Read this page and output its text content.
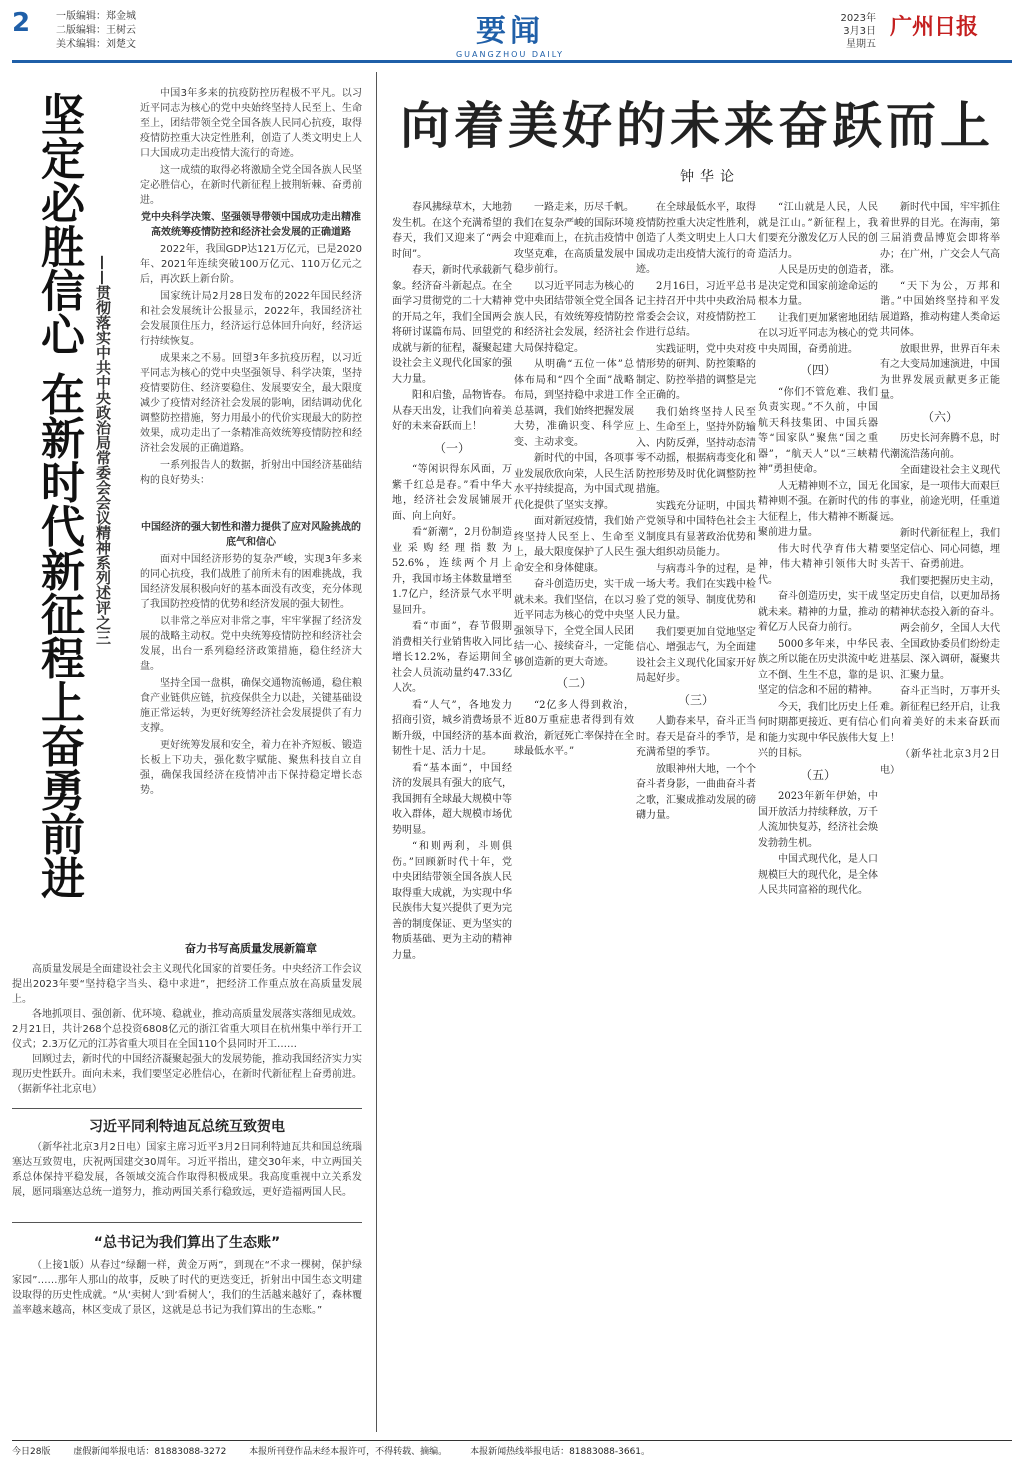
2	一版编辑：郑金城
二版编辑：王树云
美术编辑：刘楚文	要闻
GUANGZHOU DAILY
2023年
3月3日
星期五
广州日报
坚定必胜信心 在新时代新征程上奋勇前进 ——贯彻落实中共中央政治局常委会会议精神系列述评之三

中国3年多来的抗疫防控历程极不平凡。以习近平同志为核心的党中央始终坚持人民至上、生命至上，团结带领全党全国各族人民同心抗疫，取得疫情防控重大决定性胜利，创造了人类文明史上人口大国成功走出疫情大流行的奇迹。

这一成绩的取得必将激励全党全国各族人民坚定必胜信心，在新时代新征程上披荆斩棘、奋勇前进。

党中央科学决策、坚强领导带领中国成功走出精准高效统筹疫情防控和经济社会发展的正确道路

2022年，我国GDP达121万亿元，已是2020年、2021年连续突破100万亿元、110万亿元之后，再次跃上新台阶。

国家统计局2月28日发布的2022年国民经济和社会发展统计公报显示，2022年，我国经济社会发展顶住压力，经济运行总体回升向好，经济运行持续恢复。

成果来之不易。回望3年多抗疫历程，以习近平同志为核心的党中央坚强领导、科学决策，坚持疫情要防住、经济要稳住、发展要安全，最大限度减少了疫情对经济社会发展的影响，团结调动优化调整防控措施，努力用最小的代价实现最大的防控效果，成功走出了一条精准高效统筹疫情防控和经济社会发展的正确道路。

一系列报告人的数据，折射出中国经济基础结构的良好势头：

中国经济的强大韧性和潜力提供了应对风险挑战的底气和信心

面对中国经济形势的复杂严峻，实现3年多来的同心抗疫，我们战胜了前所未有的困难挑战，我国经济发展积极向好的基本面没有改变，充分体现了我国防控疫情的优势和经济发展的强大韧性。

以非常之举应对非常之事，牢牢掌握了经济发展的战略主动权。党中央统筹疫情防控和经济社会发展，出台一系列稳经济政策措施，稳住经济大盘。

坚持全国一盘棋，确保交通物流畅通，稳住粮食产业链供应链，抗疫保供全力以赴，关键基础设施正常运转，为更好统筹经济社会发展提供了有力支撑。

更好统筹发展和安全，着力在补齐短板、锻造长板上下功夫，强化数字赋能、聚焦科技自立自强，确保我国经济在疫情冲击下保持稳定增长态势。

奋力书写高质量发展新篇章

高质量发展是全面建设社会主义现代化国家的首要任务。中央经济工作会议提出2023年要“坚持稳字当头、稳中求进”，把经济工作重点放在高质量发展上。

各地抓项目、强创新、优环境、稳就业，推动高质量发展落实落细见成效。2月21日，共计268个总投资6808亿元的浙江省重大项目在杭州集中举行开工仪式；2.3万亿元的江苏省重大项目在全国110个县同时开工……

回顾过去，新时代的中国经济凝聚起强大的发展势能，推动我国经济实力实现历史性跃升。面向未来，我们要坚定必胜信心，在新时代新征程上奋勇前进。（据新华社北京电）

习近平同利特迪瓦总统互致贺电

（新华社北京3月2日电）国家主席习近平3月2日同利特迪瓦共和国总统瑙塞达互致贺电，庆祝两国建交30周年。习近平指出，建交30年来，中立两国关系总体保持平稳发展，各领域交流合作取得积极成果。我高度重视中立关系发展，愿同瑙塞达总统一道努力，推动两国关系行稳致远，更好造福两国人民。

“总书记为我们算出了生态账”

（上接1版）从春过“绿翻一样，黄金万两”，到现在“不求一棵树，保护绿家园”……那年人那山的故事，反映了时代的更迭变迁，折射出中国生态文明建设取得的历史性成就。“从‘卖树人’到‘看树人’，我们的生活越来越好了，森林覆盖率越来越高，林区变成了景区，这就是总书记为我们算出的生态账。”

向着美好的未来奋跃而上
钟华论

春风拂绿草木，大地勃发生机。在这个充满希望的春天，我们又迎来了“两会时间”。

春天，新时代承载新气象。经济奋斗新起点。在全面学习贯彻党的二十大精神的开局之年，我们全国两会将研讨谋篇布局、回望党的成就与新的征程，凝聚起建设社会主义现代化国家的强大力量。

阳和启蛰，品物皆春。从春天出发，让我们向着美好的未来奋跃而上！

（一）

“等闲识得东风面，万紫千红总是春。”看中华大地，经济社会发展铺展开面、向上向好。

看“新潮”，2月份制造业采购经理指数为52.6%，连续两个月上升，我国市场主体数量增至1.7亿户，经济景气水平明显回升。

看“市面”，春节假期消费相关行业销售收入同比增长12.2%，春运期间全社会人员流动量约47.33亿人次。

看“人气”，各地发力招商引资，城乡消费场景不断升级，中国经济的基本面韧性十足、活力十足。

看“基本面”，中国经济的发展具有强大的底气，我国拥有全球最大规模中等收入群体，超大规模市场优势明显。

“和则两利，斗则俱伤。”回顾新时代十年，党中央团结带领全国各族人民取得重大成就，为实现中华民族伟大复兴提供了更为完善的制度保证、更为坚实的物质基础、更为主动的精神力量。

一路走来，历尽千帆。我们在复杂严峻的国际环境中迎难而上，在抗击疫情中攻坚克难，在高质量发展中稳步前行。

以习近平同志为核心的党中央团结带领全党全国各族人民，有效统筹疫情防控和经济社会发展，经济社会大局保持稳定。

从明确“五位一体”总体布局和“四个全面”战略布局，到坚持稳中求进工作总基调，我们始终把握发展大势，准确识变、科学应变、主动求变。

新时代的中国，各项事业发展欣欣向荣，人民生活水平持续提高，为中国式现代化提供了坚实支撑。

面对新冠疫情，我们始终坚持人民至上、生命至上，最大限度保护了人民生命安全和身体健康。

奋斗创造历史，实干成就未来。我们坚信，在以习近平同志为核心的党中央坚强领导下，全党全国人民团结一心、接续奋斗，一定能够创造新的更大奇迹。

（二）

“2亿多人得到救治，近80万重症患者得到有效救治，新冠死亡率保持在全球最低水平。”

在全球最低水平，取得疫情防控重大决定性胜利，创造了人类文明史上人口大国成功走出疫情大流行的奇迹。

2月16日，习近平总书记主持召开中共中央政治局常委会会议，对疫情防控工作进行总结。

实践证明，党中央对疫情形势的研判、防控策略的制定、防控举措的调整是完全正确的。

我们始终坚持人民至上、生命至上，坚持外防输入、内防反弹，坚持动态清零不动摇，根据病毒变化和防控形势及时优化调整防控措施。

实践充分证明，中国共产党领导和中国特色社会主义制度具有显著政治优势和强大组织动员能力。

与病毒斗争的过程，是一场大考。我们在实践中检验了党的领导、制度优势和人民力量。

我们要更加自觉地坚定信心、增强志气，为全面建设社会主义现代化国家开好局起好步。

（三）

人勤春来早，奋斗正当时。春天是奋斗的季节，是充满希望的季节。

放眼神州大地，一个个奋斗者身影，一曲曲奋斗者之歌，汇聚成推动发展的磅礴力量。

“江山就是人民，人民就是江山。”新征程上，我们要充分激发亿万人民的创造活力。

人民是历史的创造者，是决定党和国家前途命运的根本力量。

让我们更加紧密地团结在以习近平同志为核心的党中央周围，奋勇前进。

（四）

“你们不管危难、我们负责实现。”不久前，中国航天科技集团、中国兵器等“国家队”聚焦“国之重器”，“航天人”以“三峡精神”勇担使命。

人无精神则不立，国无精神则不强。在新时代的伟大征程上，伟大精神不断凝聚前进力量。

伟大时代孕育伟大精神，伟大精神引领伟大时代。

奋斗创造历史，实干成就未来。精神的力量，推动着亿万人民奋力前行。

5000多年来，中华民族之所以能在历史洪流中屹立不倒、生生不息，靠的是坚定的信念和不屈的精神。

今天，我们比历史上任何时期都更接近、更有信心和能力实现中华民族伟大复兴的目标。

（五）

2023年新年伊始，中国开放活力持续释放，万千人流加快复苏，经济社会焕发勃勃生机。

中国式现代化，是人口规模巨大的现代化，是全体人民共同富裕的现代化。

新时代中国，牢牢抓住着世界的目光。在海南，第三届消费品博览会即将举办；在广州，广交会人气高涨。

“天下为公，万邦和谐。”中国始终坚持和平发展道路，推动构建人类命运共同体。

放眼世界，世界百年未有之大变局加速演进，中国为世界发展贡献更多正能量。

（六）

历史长河奔腾不息，时代潮流浩荡向前。

全面建设社会主义现代化国家，是一项伟大而艰巨的事业，前途光明，任重道远。

新时代新征程上，我们要坚定信心、同心同德，埋头苦干、奋勇前进。

我们要把握历史主动，坚定历史自信，以更加昂扬的精神状态投入新的奋斗。

两会前夕，全国人大代表、全国政协委员们纷纷走进基层、深入调研，凝聚共识、汇聚力量。

奋斗正当时，万事开头难。新征程已经开启，让我们向着美好的未来奋跃而上！

（新华社北京3月2日电）

今日28版	虚假新闻举报电话：81883088-3272	本报所刊登作品未经本报许可，不得转载、摘编。	本报新闻热线举报电话：81883088-3661。
